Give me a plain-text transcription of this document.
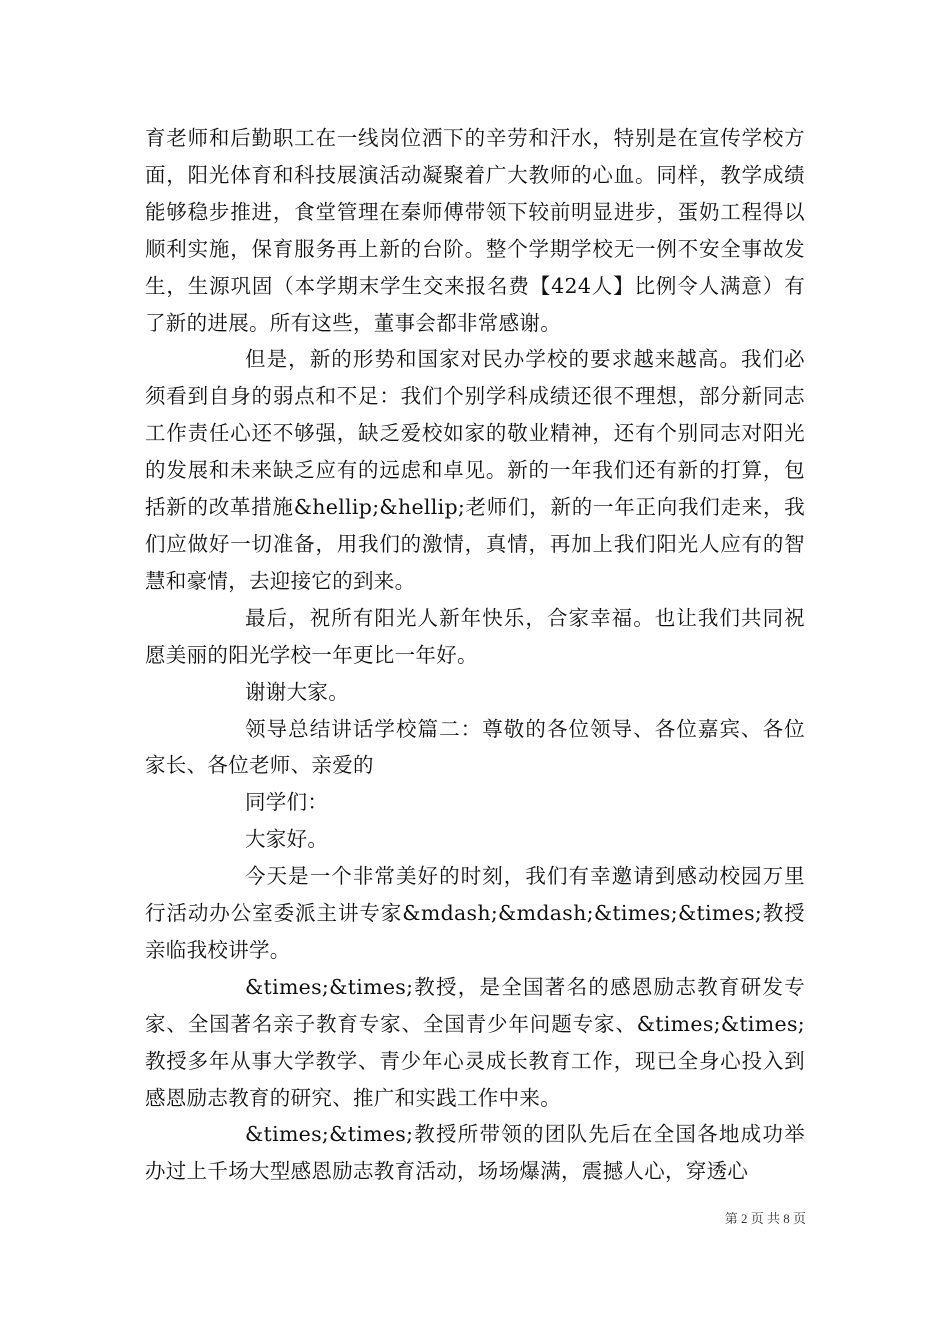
育老师和后勤职工在一线岗位洒下的辛劳和汗水，特别是在宣传学校方面，阳光体育和科技展演活动凝聚着广大教师的心血。同样，教学成绩能够稳步推进，食堂管理在秦师傅带领下较前明显进步，蛋奶工程得以顺利实施，保育服务再上新的台阶。整个学期学校无一例不安全事故发生，生源巩固（本学期末学生交来报名费【424人】比例令人满意）有了新的进展。所有这些，董事会都非常感谢。

但是，新的形势和国家对民办学校的要求越来越高。我们必须看到自身的弱点和不足：我们个别学科成绩还很不理想，部分新同志工作责任心还不够强，缺乏爱校如家的敬业精神，还有个别同志对阳光的发展和未来缺乏应有的远虑和卓见。新的一年我们还有新的打算，包括新的改革措施&hellip;&hellip;老师们，新的一年正向我们走来，我们应做好一切准备，用我们的激情，真情，再加上我们阳光人应有的智慧和豪情，去迎接它的到来。

最后，祝所有阳光人新年快乐，合家幸福。也让我们共同祝愿美丽的阳光学校一年更比一年好。

谢谢大家。

领导总结讲话学校篇二：尊敬的各位领导、各位嘉宾、各位家长、各位老师、亲爱的

同学们：

大家好。

今天是一个非常美好的时刻，我们有幸邀请到感动校园万里行活动办公室委派主讲专家&mdash;&mdash;&times;&times;教授亲临我校讲学。

&times;&times;教授，是全国著名的感恩励志教育研发专家、全国著名亲子教育专家、全国青少年问题专家、&times;&times;教授多年从事大学教学、青少年心灵成长教育工作，现已全身心投入到感恩励志教育的研究、推广和实践工作中来。

&times;&times;教授所带领的团队先后在全国各地成功举办过上千场大型感恩励志教育活动，场场爆满，震撼人心，穿透心

第 2 页 共 8 页
